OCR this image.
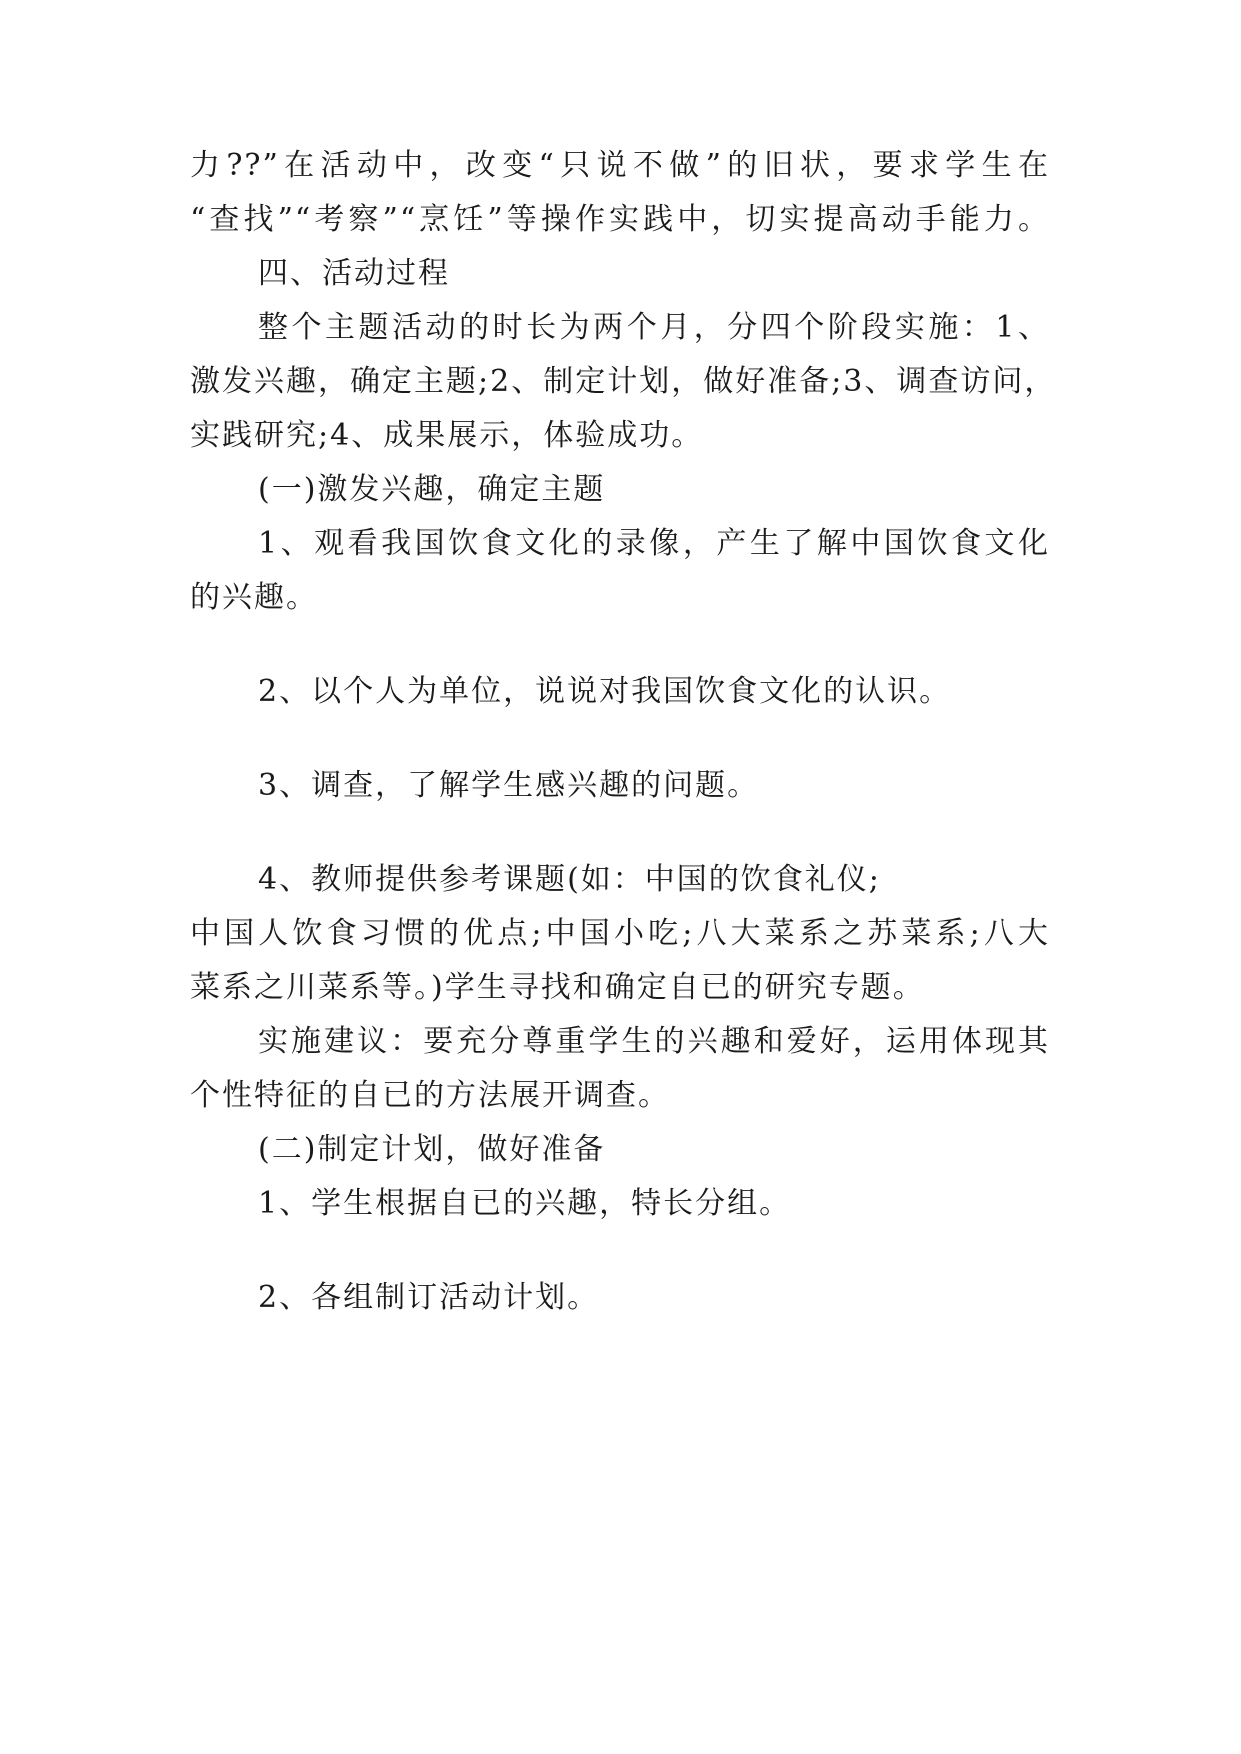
力??”在活动中，改变“只说不做”的旧状，要求学生在
“查找”“考察”“烹饪”等操作实践中，切实提高动手能力。
四、活动过程
整个主题活动的时长为两个月，分四个阶段实施：1、
激发兴趣，确定主题;2、制定计划，做好准备;3、调查访问，
实践研究;4、成果展示，体验成功。
(一)激发兴趣，确定主题
1、观看我国饮食文化的录像，产生了解中国饮食文化
的兴趣。
2、以个人为单位，说说对我国饮食文化的认识。
3、调查，了解学生感兴趣的问题。
4、教师提供参考课题(如：中国的饮食礼仪;
中国人饮食习惯的优点;中国小吃;八大菜系之苏菜系;八大
菜系之川菜系等。)学生寻找和确定自已的研究专题。
实施建议：要充分尊重学生的兴趣和爱好，运用体现其
个性特征的自已的方法展开调查。
(二)制定计划，做好准备
1、学生根据自已的兴趣，特长分组。
2、各组制订活动计划。
